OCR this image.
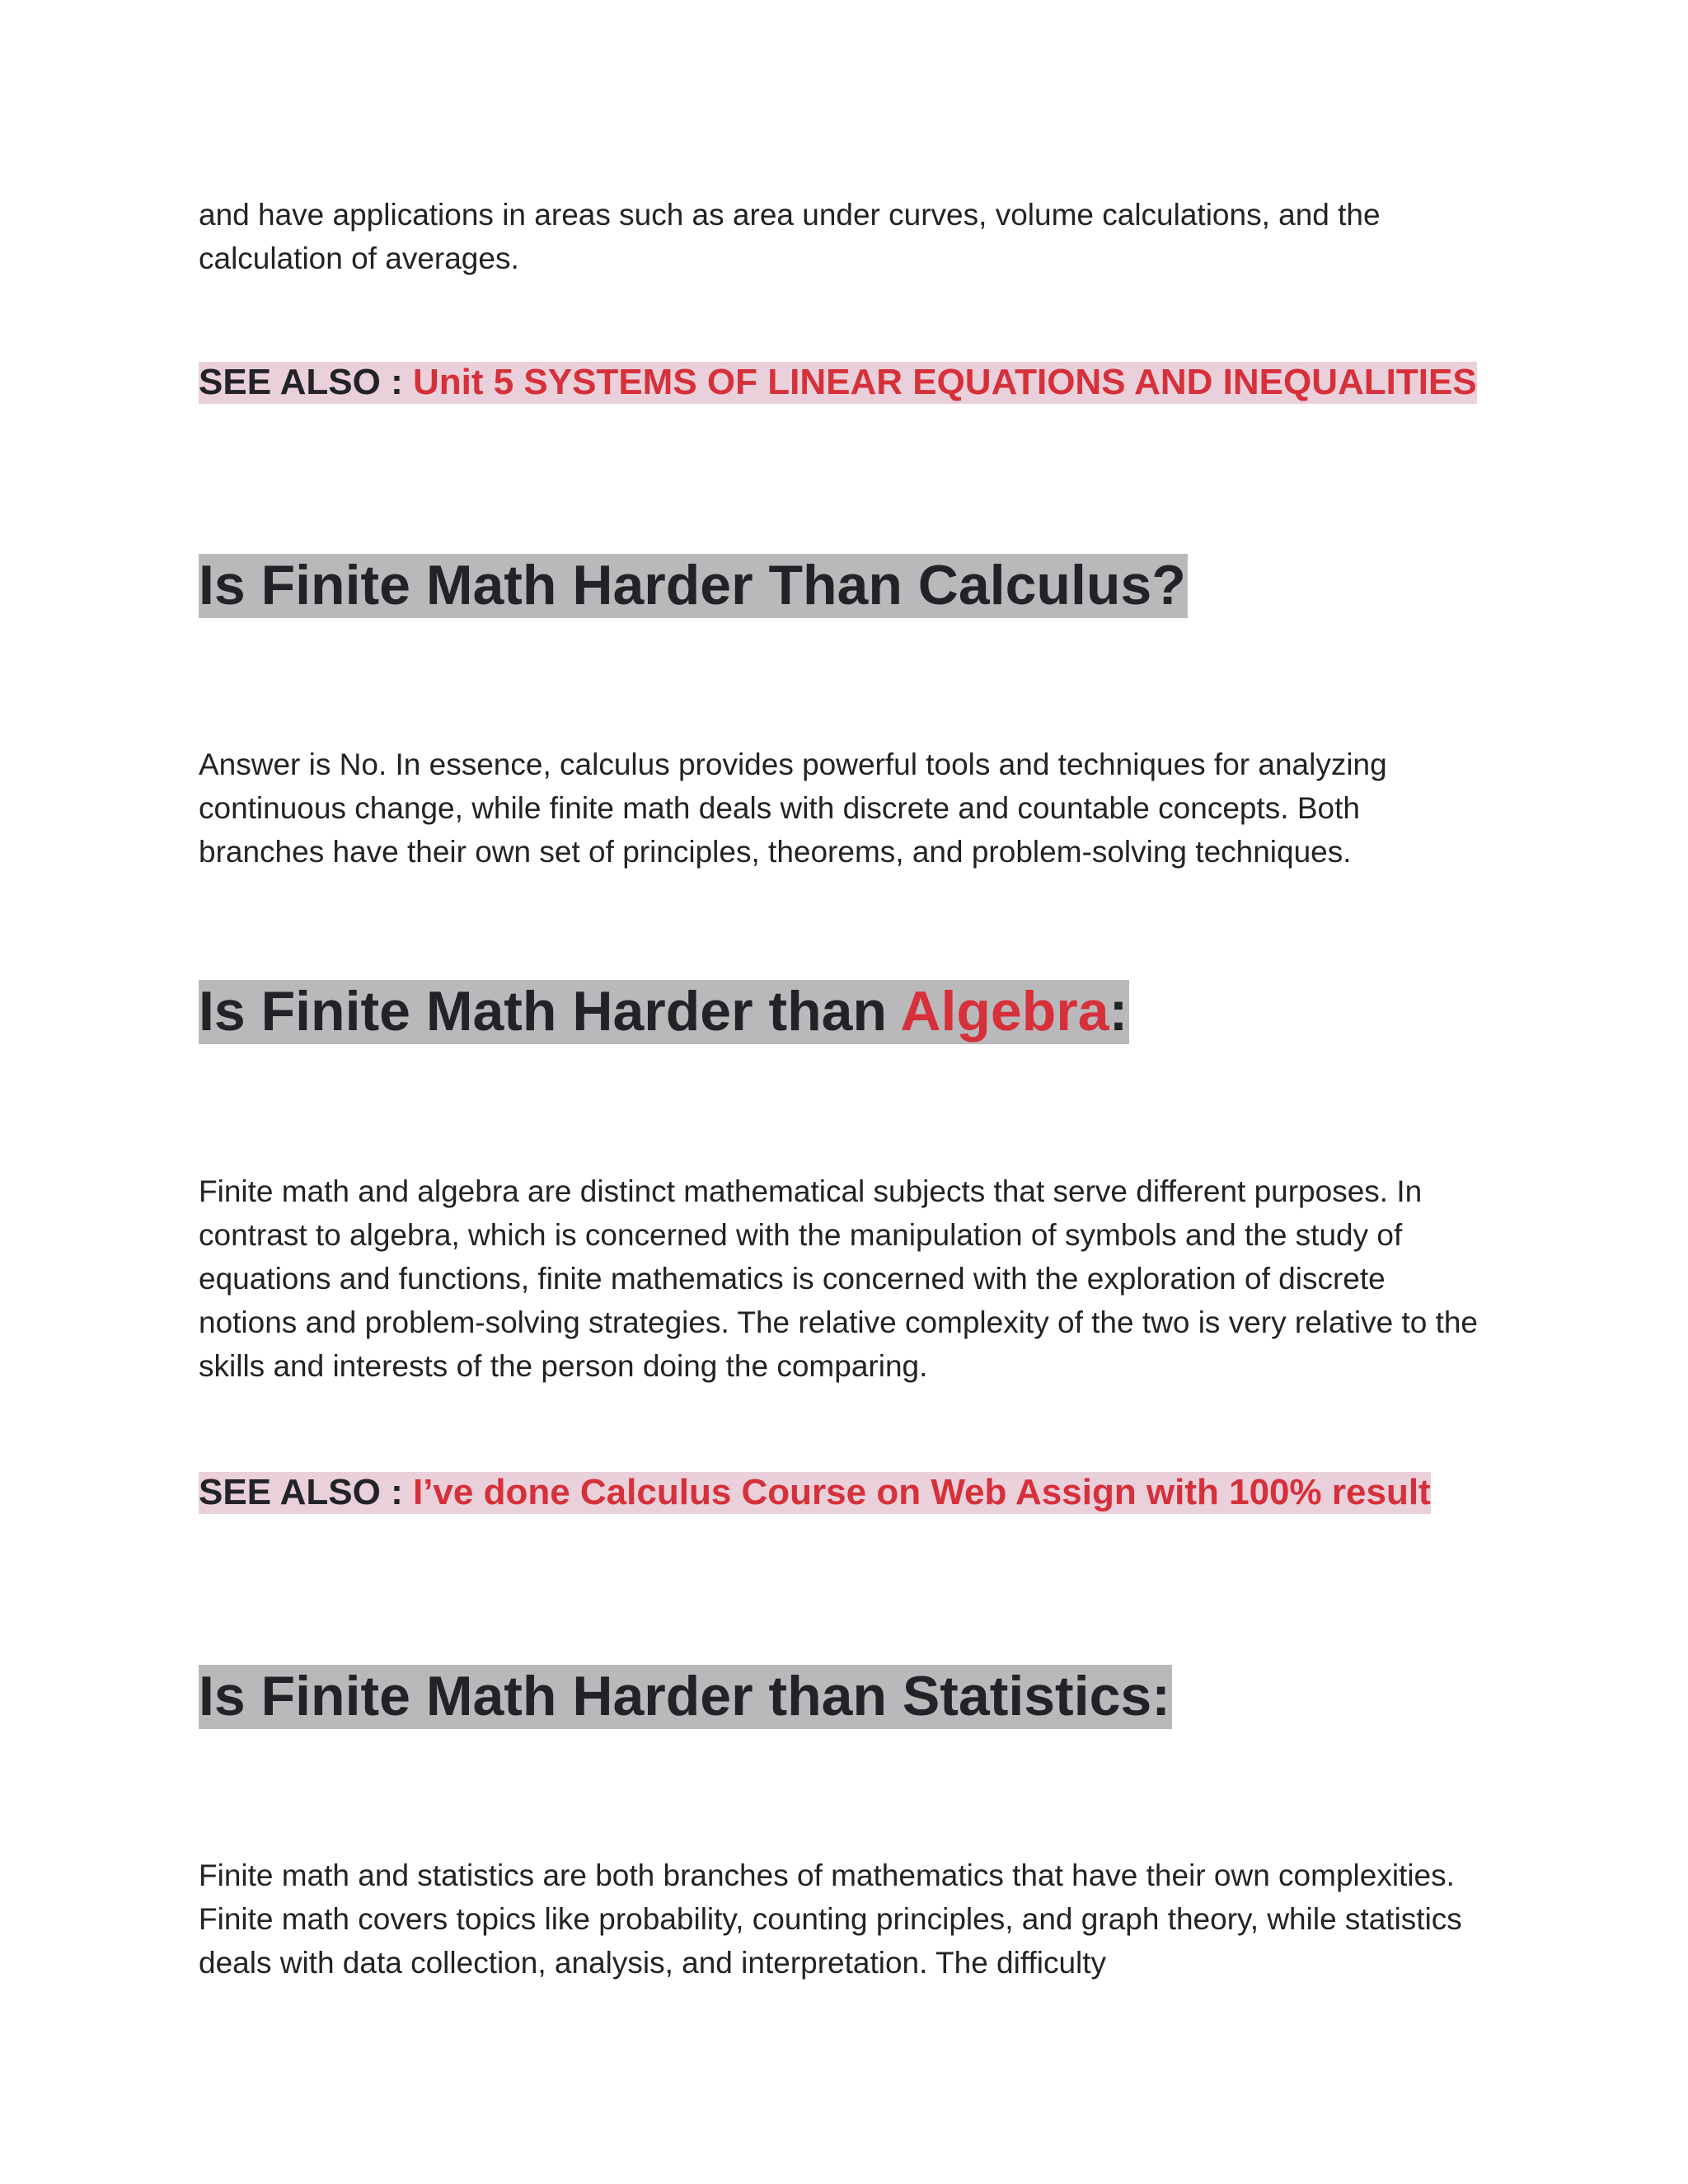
and have applications in areas such as area under curves, volume calculations, and the calculation of averages.

SEE ALSO : Unit 5 SYSTEMS OF LINEAR EQUATIONS AND INEQUALITIES
Is Finite Math Harder Than Calculus?

Answer is No. In essence, calculus provides powerful tools and techniques for analyzing continuous change, while finite math deals with discrete and countable concepts. Both branches have their own set of principles, theorems, and problem-solving techniques.

Is Finite Math Harder than Algebra:

Finite math and algebra are distinct mathematical subjects that serve different purposes. In contrast to algebra, which is concerned with the manipulation of symbols and the study of equations and functions, finite mathematics is concerned with the exploration of discrete notions and problem-solving strategies. The relative complexity of the two is very relative to the skills and interests of the person doing the comparing.

SEE ALSO : I’ve done Calculus Course on Web Assign with 100% result
Is Finite Math Harder than Statistics:

Finite math and statistics are both branches of mathematics that have their own complexities. Finite math covers topics like probability, counting principles, and graph theory, while statistics deals with data collection, analysis, and interpretation. The difficulty
